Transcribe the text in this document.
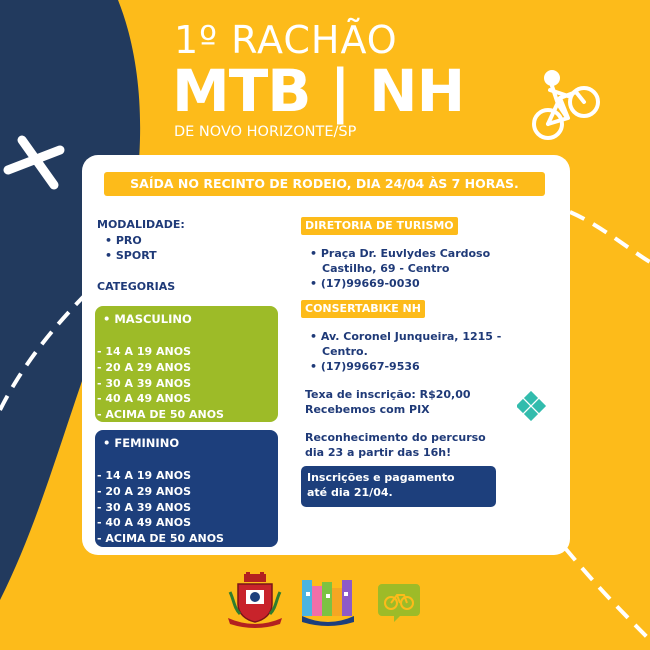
1º RACHÃO
MTB | NH
DE NOVO HORIZONTE/SP
SAÍDA NO RECINTO DE RODEIO, DIA 24/04 ÀS 7 HORAS.
MODALIDADE:
• PRO
• SPORT
CATEGORIAS
• MASCULINO
- 14 A 19 ANOS
- 20 A 29 ANOS
- 30 A 39 ANOS
- 40 A 49 ANOS
- ACIMA DE 50 ANOS
• FEMININO
- 14 A 19 ANOS
- 20 A 29 ANOS
- 30 A 39 ANOS
- 40 A 49 ANOS
- ACIMA DE 50 ANOS
DIRETORIA DE TURISMO
• Praça Dr. Euvlydes Cardoso
Castilho, 69 - Centro
• (17)99669-0030
CONSERTABIKE NH
• Av. Coronel Junqueira, 1215 -
Centro.
• (17)99667-9536
Texa de inscrição: R$20,00
Recebemos com PIX
Reconhecimento do percurso
dia 23 a partir das 16h!
Inscrições e pagamento
até dia 21/04.
